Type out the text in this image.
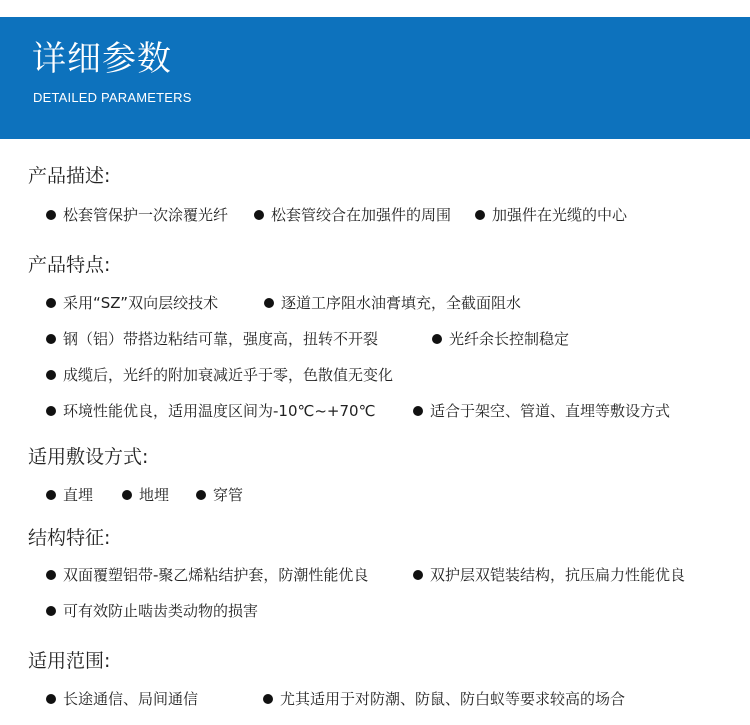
详细参数
DETAILED PARAMETERS
产品描述:
松套管保护一次涂覆光纤	松套管绞合在加强件的周围	加强件在光缆的中心
产品特点:
采用“SZ”双向层绞技术	逐道工序阻水油膏填充，全截面阻水
钢（铝）带搭边粘结可靠，强度高，扭转不开裂	光纤余长控制稳定
成缆后，光纤的附加衰减近乎于零，色散值无变化
环境性能优良，适用温度区间为-10℃~+70℃	适合于架空、管道、直埋等敷设方式
适用敷设方式:
直埋	地埋	穿管
结构特征:
双面覆塑铝带-聚乙烯粘结护套，防潮性能优良	双护层双铠装结构，抗压扁力性能优良
可有效防止啮齿类动物的损害
适用范围:
长途通信、局间通信	尤其适用于对防潮、防鼠、防白蚁等要求较高的场合
